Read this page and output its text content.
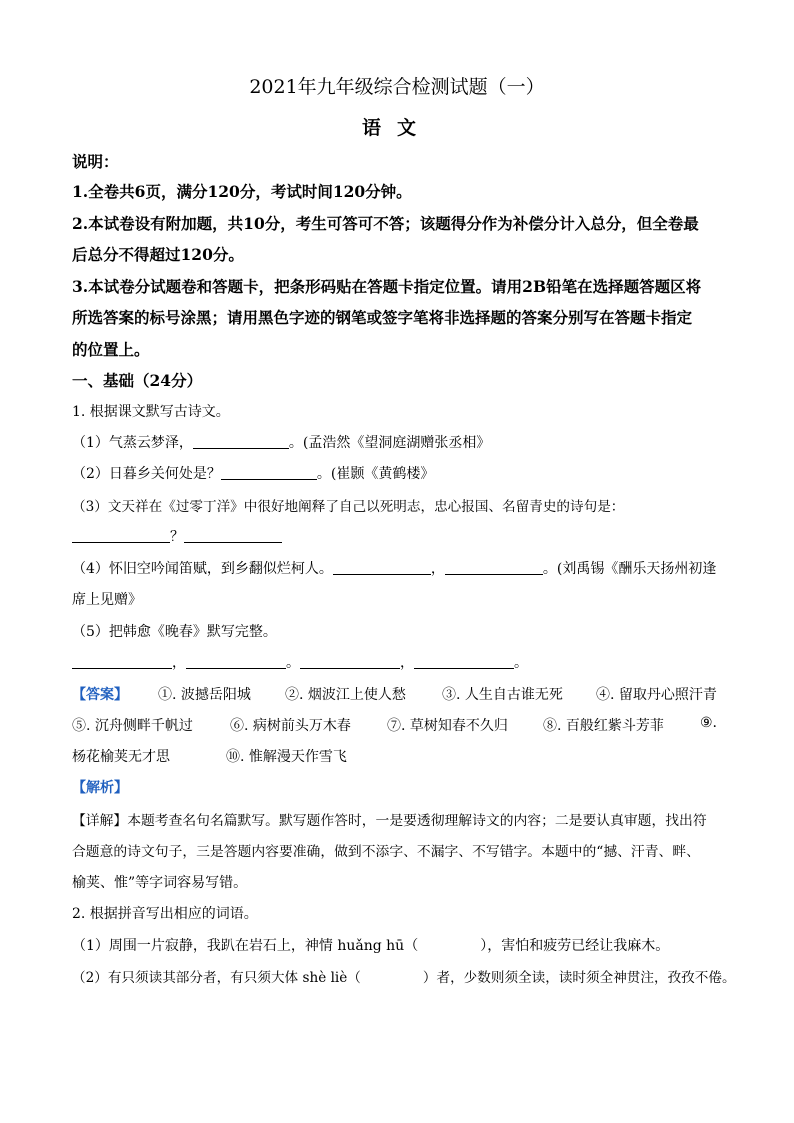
2021年九年级综合检测试题（一）
语文
说明：
1.全卷共6页，满分120分，考试时间120分钟。
2.本试卷设有附加题，共10分，考生可答可不答；该题得分作为补偿分计入总分，但全卷最
后总分不得超过120分。
3.本试卷分试题卷和答题卡，把条形码贴在答题卡指定位置。请用2B铅笔在选择题答题区将
所选答案的标号涂黑；请用黑色字迹的钢笔或签字笔将非选择题的答案分别写在答题卡指定
的位置上。
一、基础（24分）
1. 根据课文默写古诗文。
（1）气蒸云梦泽，	。(孟浩然《望洞庭湖赠张丞相》
（2）日暮乡关何处是？	。(崔颢《黄鹤楼》
（3）文天祥在《过零丁洋》中很好地阐释了自己以死明志，忠心报国、名留青史的诗句是：
？
（4）怀旧空吟闻笛赋，到乡翻似烂柯人。	，	。(刘禹锡《酬乐天扬州初逢
席上见赠》
（5）把韩愈《晚春》默写完整。
，	。	，	。
【答案】 ①. 波撼岳阳城 ②. 烟波江上使人愁	③. 人生自古谁无死 ④. 留取丹心照汗青
⑤. 沉舟侧畔千帆过	⑥. 病树前头万木春	⑦. 草树知春不久归	⑧. 百般红紫斗芳菲	⑨.
杨花榆荚无才思	⑩. 惟解漫天作雪飞
【解析】
【详解】本题考查名句名篇默写。默写题作答时，一是要透彻理解诗文的内容；二是要认真审题，找出符
合题意的诗文句子，三是答题内容要准确，做到不添字、不漏字、不写错字。本题中的“撼、汗青、畔、
榆荚、惟”等字词容易写错。
2. 根据拼音写出相应的词语。
（1）周围一片寂静，我趴在岩石上，神情 huǎng hū（	），害怕和疲劳已经让我麻木。
（2）有只须读其部分者，有只须大体 shè liè（	）者，少数则须全读，读时须全神贯注，孜孜不倦。
